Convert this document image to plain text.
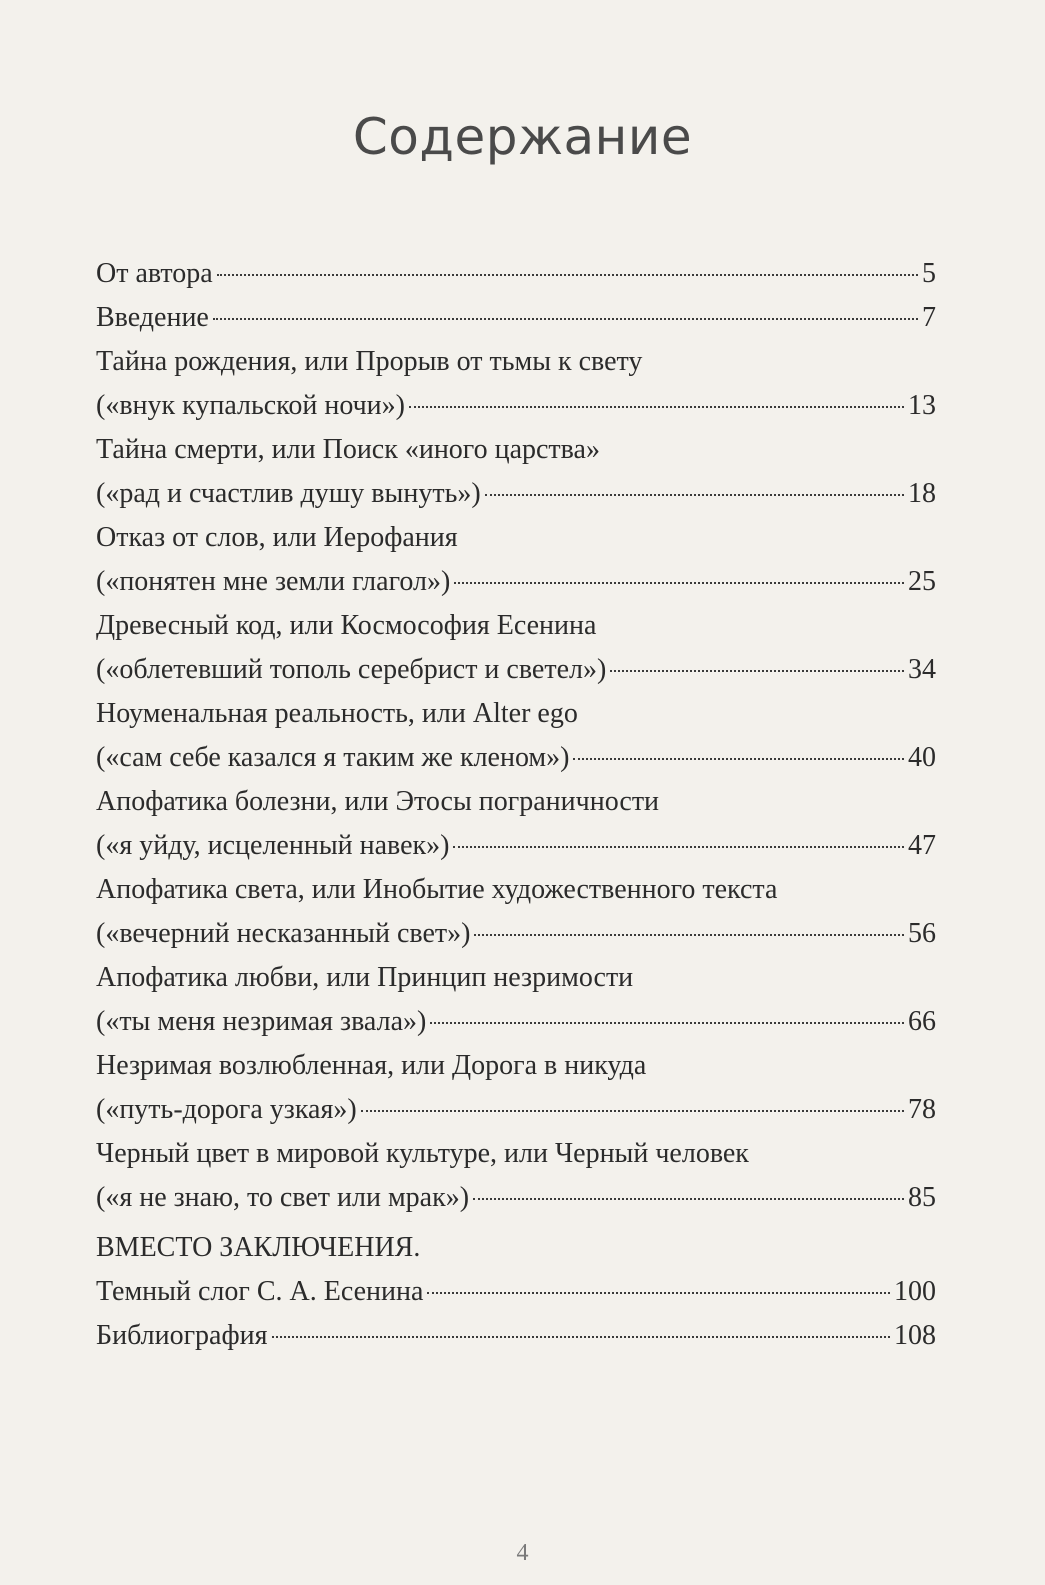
Содержание
От автора	5
Введение	7
Тайна рождения, или Прорыв от тьмы к свету
(«внук купальской ночи»)	13
Тайна смерти, или Поиск «иного царства»
(«рад и счастлив душу вынуть»)	18
Отказ от слов, или Иерофания
(«понятен мне земли глагол»)	25
Древесный код, или Космософия Есенина
(«облетевший тополь серебрист и светел»)	34
Ноуменальная реальность, или Alter ego
(«сам себе казался я таким же кленом»)	40
Апофатика болезни, или Этосы пограничности
(«я уйду, исцеленный навек»)	47
Апофатика света, или Инобытие художественного текста
(«вечерний несказанный свет»)	56
Апофатика любви, или Принцип незримости
(«ты меня незримая звала»)	66
Незримая возлюбленная, или Дорога в никуда
(«путь-дорога узкая»)	78
Черный цвет в мировой культуре, или Черный человек
(«я не знаю, то свет или мрак»)	85
ВМЕСТО ЗАКЛЮЧЕНИЯ.
Темный слог С. А. Есенина	100
Библиография	108
4
